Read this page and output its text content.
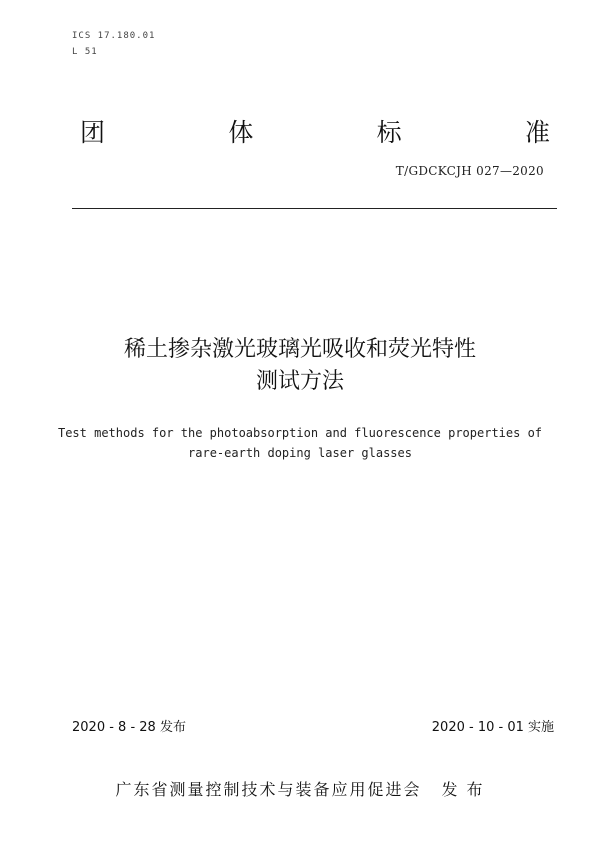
ICS 17.180.01
L 51
团	体	标	准
T/GDCKCJH 027—2020
稀土掺杂激光玻璃光吸收和荧光特性
测试方法
Test methods for the photoabsorption and fluorescence properties of
rare-earth doping laser glasses
2020 - 8 - 28 发布	2020 - 10 - 01 实施
广东省测量控制技术与装备应用促进会 发 布
